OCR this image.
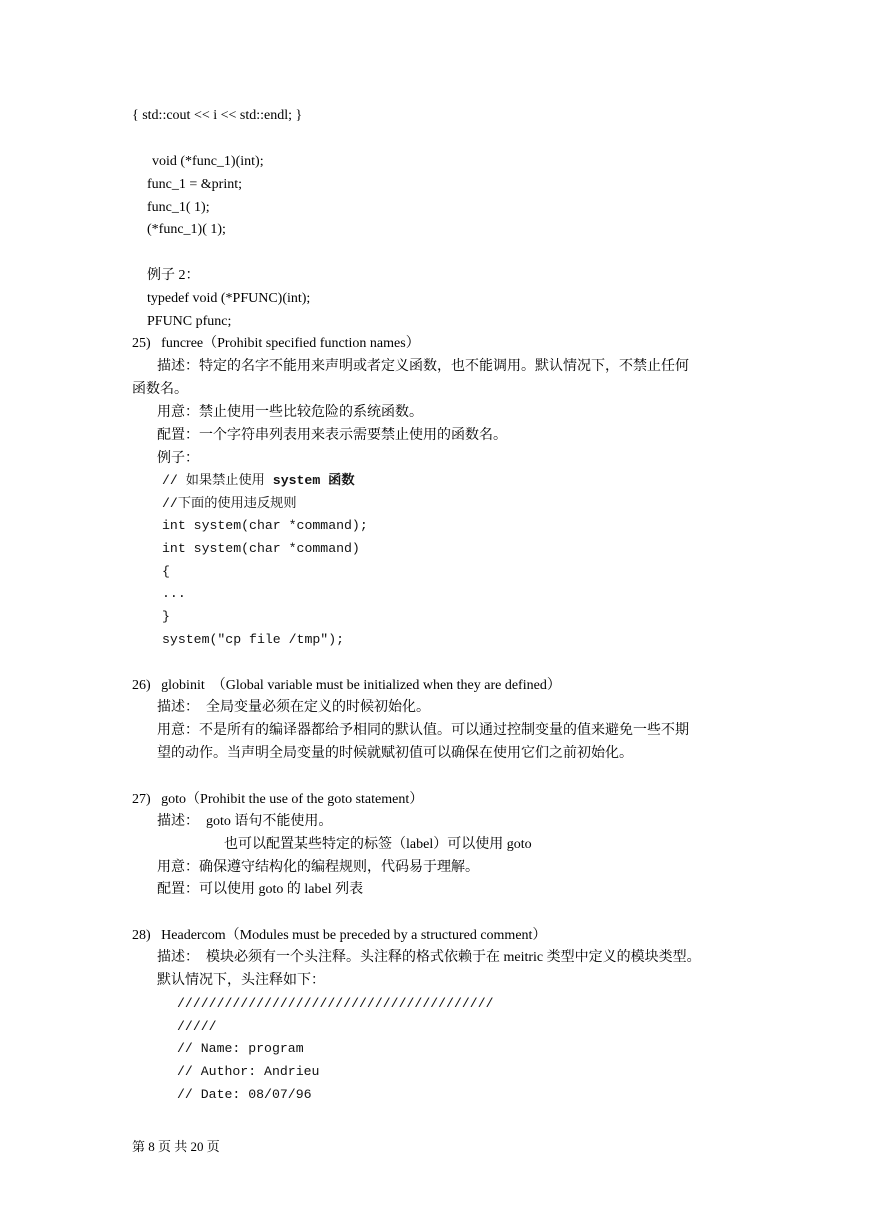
{ std::cout << i << std::endl; }
void (*func_1)(int);
func_1 = &print;
func_1( 1);
(*func_1)( 1);
例子 2：
typedef void (*PFUNC)(int);
PFUNC pfunc;
25)   funcree（Prohibit specified function names）
描述：特定的名字不能用来声明或者定义函数，也不能调用。默认情况下，不禁止任何
函数名。
用意：禁止使用一些比较危险的系统函数。
配置：一个字符串列表用来表示需要禁止使用的函数名。
例子：
// 如果禁止使用 system 函数
//下面的使用违反规则
int system(char *command);
int system(char *command)
{
...
}
system("cp file /tmp");
26)   globinit  （Global variable must be initialized when they are defined）
描述：  全局变量必须在定义的时候初始化。
用意：不是所有的编译器都给予相同的默认值。可以通过控制变量的值来避免一些不期
望的动作。当声明全局变量的时候就赋初值可以确保在使用它们之前初始化。
27)   goto（Prohibit the use of the goto statement）
描述：  goto 语句不能使用。
也可以配置某些特定的标签（label）可以使用 goto
用意：确保遵守结构化的编程规则，代码易于理解。
配置：可以使用 goto 的 label 列表
28)   Headercom（Modules must be preceded by a structured comment）
描述：  模块必须有一个头注释。头注释的格式依赖于在 meitric 类型中定义的模块类型。
默认情况下，头注释如下：
////////////////////////////////////////
/////
// Name: program
// Author: Andrieu
// Date: 08/07/96
第 8 页 共 20 页
